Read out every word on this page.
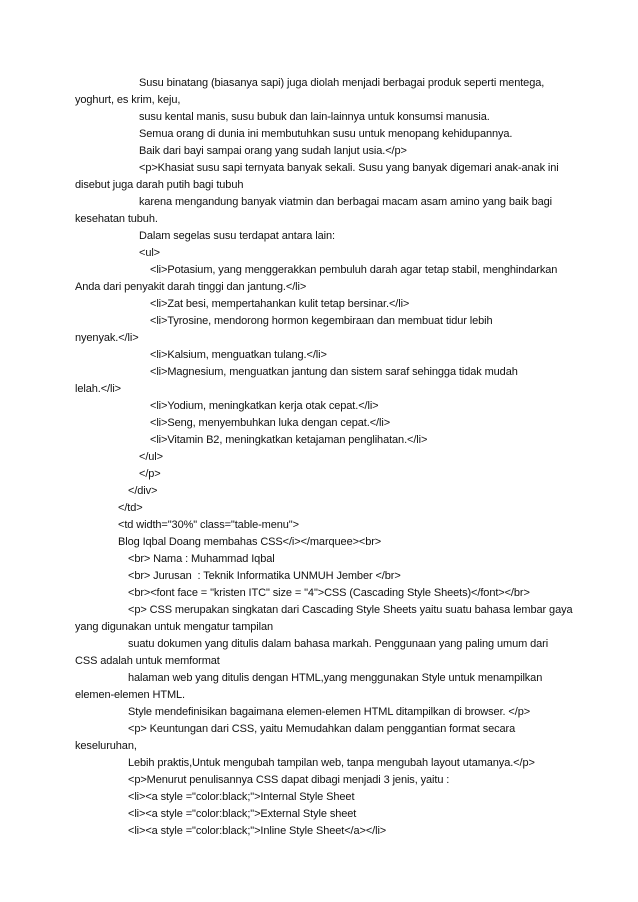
Susu binatang (biasanya sapi) juga diolah menjadi berbagai produk seperti mentega,
yoghurt, es krim, keju,
susu kental manis, susu bubuk dan lain-lainnya untuk konsumsi manusia.
Semua orang di dunia ini membutuhkan susu untuk menopang kehidupannya.
Baik dari bayi sampai orang yang sudah lanjut usia.</p>
<p>Khasiat susu sapi ternyata banyak sekali. Susu yang banyak digemari anak-anak ini
disebut juga darah putih bagi tubuh
karena mengandung banyak viatmin dan berbagai macam asam amino yang baik bagi
kesehatan tubuh.
Dalam segelas susu terdapat antara lain:
<ul>
<li>Potasium, yang menggerakkan pembuluh darah agar tetap stabil, menghindarkan
Anda dari penyakit darah tinggi dan jantung.</li>
<li>Zat besi, mempertahankan kulit tetap bersinar.</li>
<li>Tyrosine, mendorong hormon kegembiraan dan membuat tidur lebih
nyenyak.</li>
<li>Kalsium, menguatkan tulang.</li>
<li>Magnesium, menguatkan jantung dan sistem saraf sehingga tidak mudah
lelah.</li>
<li>Yodium, meningkatkan kerja otak cepat.</li>
<li>Seng, menyembuhkan luka dengan cepat.</li>
<li>Vitamin B2, meningkatkan ketajaman penglihatan.</li>
</ul>
</p>
</div>
</td>
<td width="30%" class="table-menu">
Blog Iqbal Doang membahas CSS</i></marquee><br>
<br> Nama : Muhammad Iqbal
<br> Jurusan  : Teknik Informatika UNMUH Jember </br>
<br><font face = "kristen ITC" size = "4">CSS (Cascading Style Sheets)</font></br>
<p> CSS merupakan singkatan dari Cascading Style Sheets yaitu suatu bahasa lembar gaya
yang digunakan untuk mengatur tampilan
suatu dokumen yang ditulis dalam bahasa markah. Penggunaan yang paling umum dari
CSS adalah untuk memformat
halaman web yang ditulis dengan HTML,yang menggunakan Style untuk menampilkan
elemen-elemen HTML.
Style mendefinisikan bagaimana elemen-elemen HTML ditampilkan di browser. </p>
<p> Keuntungan dari CSS, yaitu Memudahkan dalam penggantian format secara
keseluruhan,
Lebih praktis,Untuk mengubah tampilan web, tanpa mengubah layout utamanya.</p>
<p>Menurut penulisannya CSS dapat dibagi menjadi 3 jenis, yaitu :
<li><a style ="color:black;">Internal Style Sheet
<li><a style ="color:black;">External Style sheet
<li><a style ="color:black;">Inline Style Sheet</a></li>
